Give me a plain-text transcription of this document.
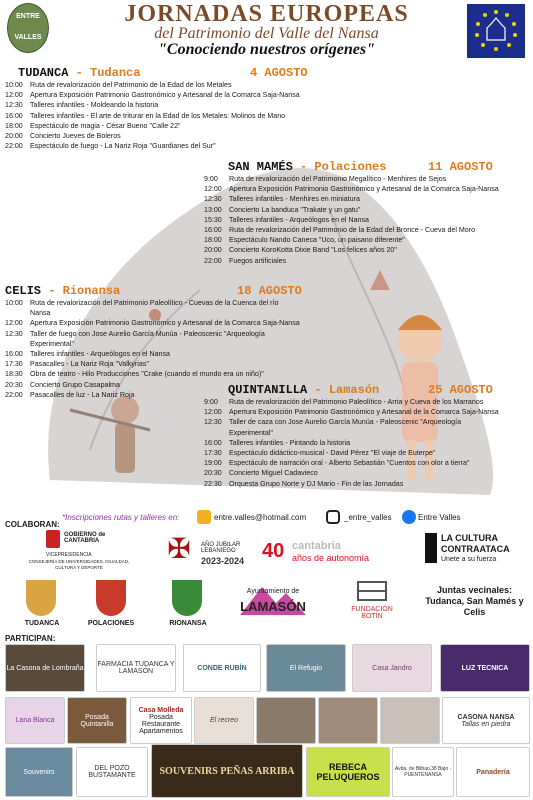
ENTRE
VALLES
JORNADAS EUROPEAS
del Patrimonio del Valle del Nansa
"Conociendo nuestros orígenes"
TUDANCA - Tudanca	4 AGOSTO
10:00 Ruta de revalorización del Patrimonio de la Edad de los Metales
12:00 Apertura Exposición Patrimonio Gastronómico y Artesanal de la Comarca Saja-Nansa
12:30 Talleres infantiles - Moldeando la historia
16:00 Talleres infantiles - El arte de triturar en la Edad de los Metales: Molinos de Mano
18:00 Espectáculo de magia - César Bueno "Calle 22"
20:00 Concierto Jueves de Boleros
22:00 Espectáculo de fuego - La Nariz Roja "Guardianes del Sur"
SAN MAMÉS - Polaciones	11 AGOSTO
9:00 Ruta de revalorización del Patrimonio Megalítico - Menhires de Sejos
12:00 Apertura Exposición Patrimonio Gastronómico y Artesanal de la Comarca Saja-Nansa
12:30 Talleres infantiles - Menhires en miniatura
13:00 Concierto La banduca "Trakate y un gatu"
15:30 Talleres infantiles - Arqueólogos en el Nansa
16:00 Ruta de revalorización del Patrimonio de la Edad del Bronce - Cueva del Moro
18:00 Espectáculo Nando Caneca "Uco, un paisano diferente"
20:00 Concierto KoroKotta Dixie Band "Los felices años 20"
22:00 Fuegos artificiales
CELIS - Rionansa	18 AGOSTO
10:00 Ruta de revalorización del Patrimonio Paleolítico - Cuevas de la Cuenca del río Nansa
12:00 Apertura Exposición Patrimonio Gastronómico y Artesanal de la Comarca Saja-Nansa
12:30 Taller de fuego con Jose Aurelio García Munúa - Paleoscenic "Arqueología Experimental"
16:00 Talleres infantiles - Arqueólogos en el Nansa
17:30 Pasacalles - La Nariz Roja "Valkyrias"
18:30 Obra de teatro - Hilo Producciones "Crake (cuando el mundo era un niño)"
20:30 Concierto Grupo Casapalma
22:00 Pasacalles de luz - La Nariz Roja	QUINTANILLA - Lamasón	25 AGOSTO
9:00 Ruta de revalorización del Patrimonio Paleolítico - Arria y Cueva de los Marranos
12:00 Apertura Exposición Patrimonio Gastronómico y Artesanal de la Comarca Saja-Nansa
12:30 Taller de caza con Jose Aurelio García Munúa - Paleoscenic "Arqueología Experimental"
16:00 Talleres infantiles - Pintando la historia
17:30 Espectáculo didáctico-musical - David Pérez "El viaje de Euterpe"
19:00 Espectáculo de narración oral - Alberto Sebastián "Cuentos con olor a tierra"
20:30 Concierto Miguel Cadavieco
22:30 Orquesta Grupo Norte y DJ Mario - Fin de las Jornadas
*Inscripciones rutas y talleres en:	entre.valles@hotmail.com	_entre_valles	Entre Valles
COLABORAN:
GOBIERNO de CANTABRIA
VICEPRESIDENCIA
CONSEJERÍA DE UNIVERSIDADES, IGUALDAD, CULTURA Y DEPORTE
✠	AÑO JUBILAR LEBANIEGO
2023-2024 40 cantabria
años de autonomía
LA CULTURA
CONTRAATACA
Únete a su fuerza
TUDANCA	POLACIONES	RIONANSA
Ayuntamiento de
LAMASÓN	FUNDACIÓN BOTÍN
Juntas vecinales: Tudanca, San Mamés y Celis
PARTICIPAN:
La Casona de Lombraña FARMACIA TUDANCA Y LAMASÓN	CONDE RUBÍN	El Refugio	Casa Jandro	LUZ TECNICA
Lana Blanca	Posada Quintanilla
Casa Molleda
Posada
Restaurante
Apartamentos
El recreo	CASONA NANSA
Tallas en piedra
Souvenirs	DEL POZO BUSTAMANTE	SOUVENIRS PEÑAS ARRIBA	REBECA PELUQUEROS
Avda. de Bilbao,38 Bajo · PUENTENANSA	Panadería
